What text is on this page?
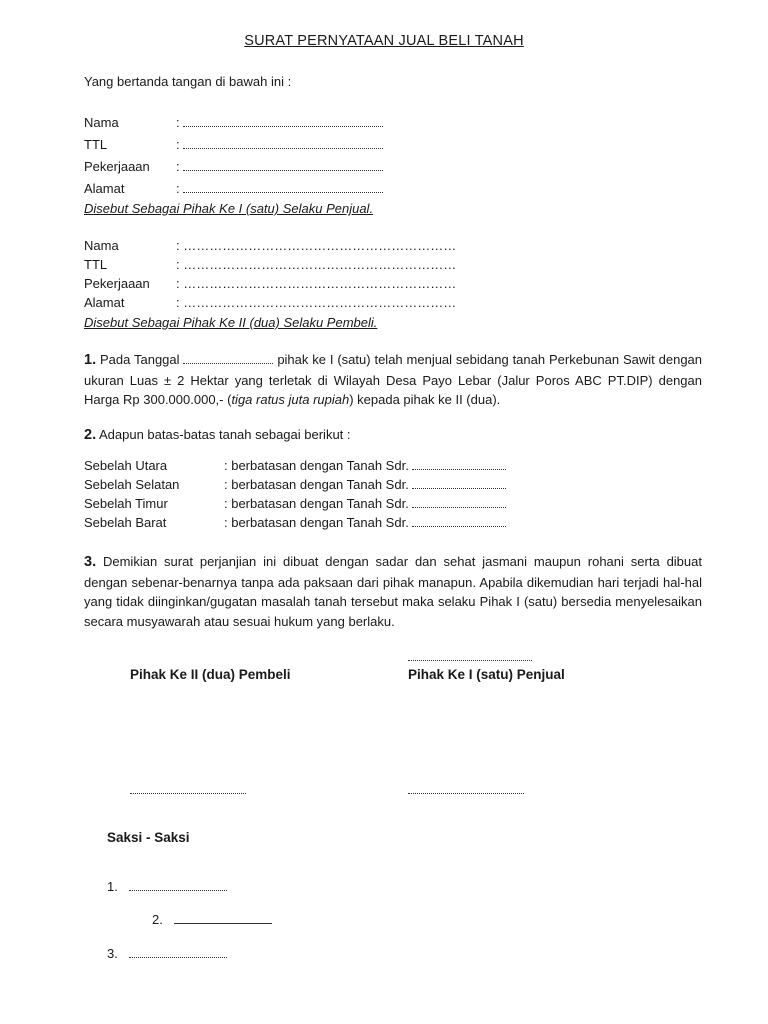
SURAT PERNYATAAN JUAL BELI TANAH
Yang bertanda tangan di bawah ini :
Nama	:
TTL	:
Pekerjaaan :
Alamat	:
Disebut Sebagai Pihak Ke I (satu) Selaku Penjual.
Nama	: ………………………………………………………
TTL	: ………………………………………………………
Pekerjaaan : ………………………………………………………
Alamat	: ………………………………………………………
Disebut Sebagai Pihak Ke II (dua) Selaku Pembeli.
1. Pada Tanggal	pihak ke I (satu) telah menjual sebidang tanah Perkebunan Sawit dengan ukuran Luas ± 2 Hektar yang terletak di Wilayah Desa Payo Lebar (Jalur Poros ABC PT.DIP) dengan Harga Rp 300.000.000,- (tiga ratus juta rupiah) kepada pihak ke II (dua).
2. Adapun batas-batas tanah sebagai berikut :
Sebelah Utara	: berbatasan dengan Tanah Sdr.
Sebelah Selatan	: berbatasan dengan Tanah Sdr.
Sebelah Timur	: berbatasan dengan Tanah Sdr.
Sebelah Barat	: berbatasan dengan Tanah Sdr.
3. Demikian surat perjanjian ini dibuat dengan sadar dan sehat jasmani maupun rohani serta dibuat dengan sebenar-benarnya tanpa ada paksaan dari pihak manapun. Apabila dikemudian hari terjadi hal-hal yang tidak diinginkan/gugatan masalah tanah tersebut maka selaku Pihak I (satu) bersedia menyelesaikan secara musyawarah atau sesuai hukum yang berlaku.
Pihak Ke II (dua) Pembeli	Pihak Ke I (satu) Penjual
Saksi - Saksi
1.
2.
3.
